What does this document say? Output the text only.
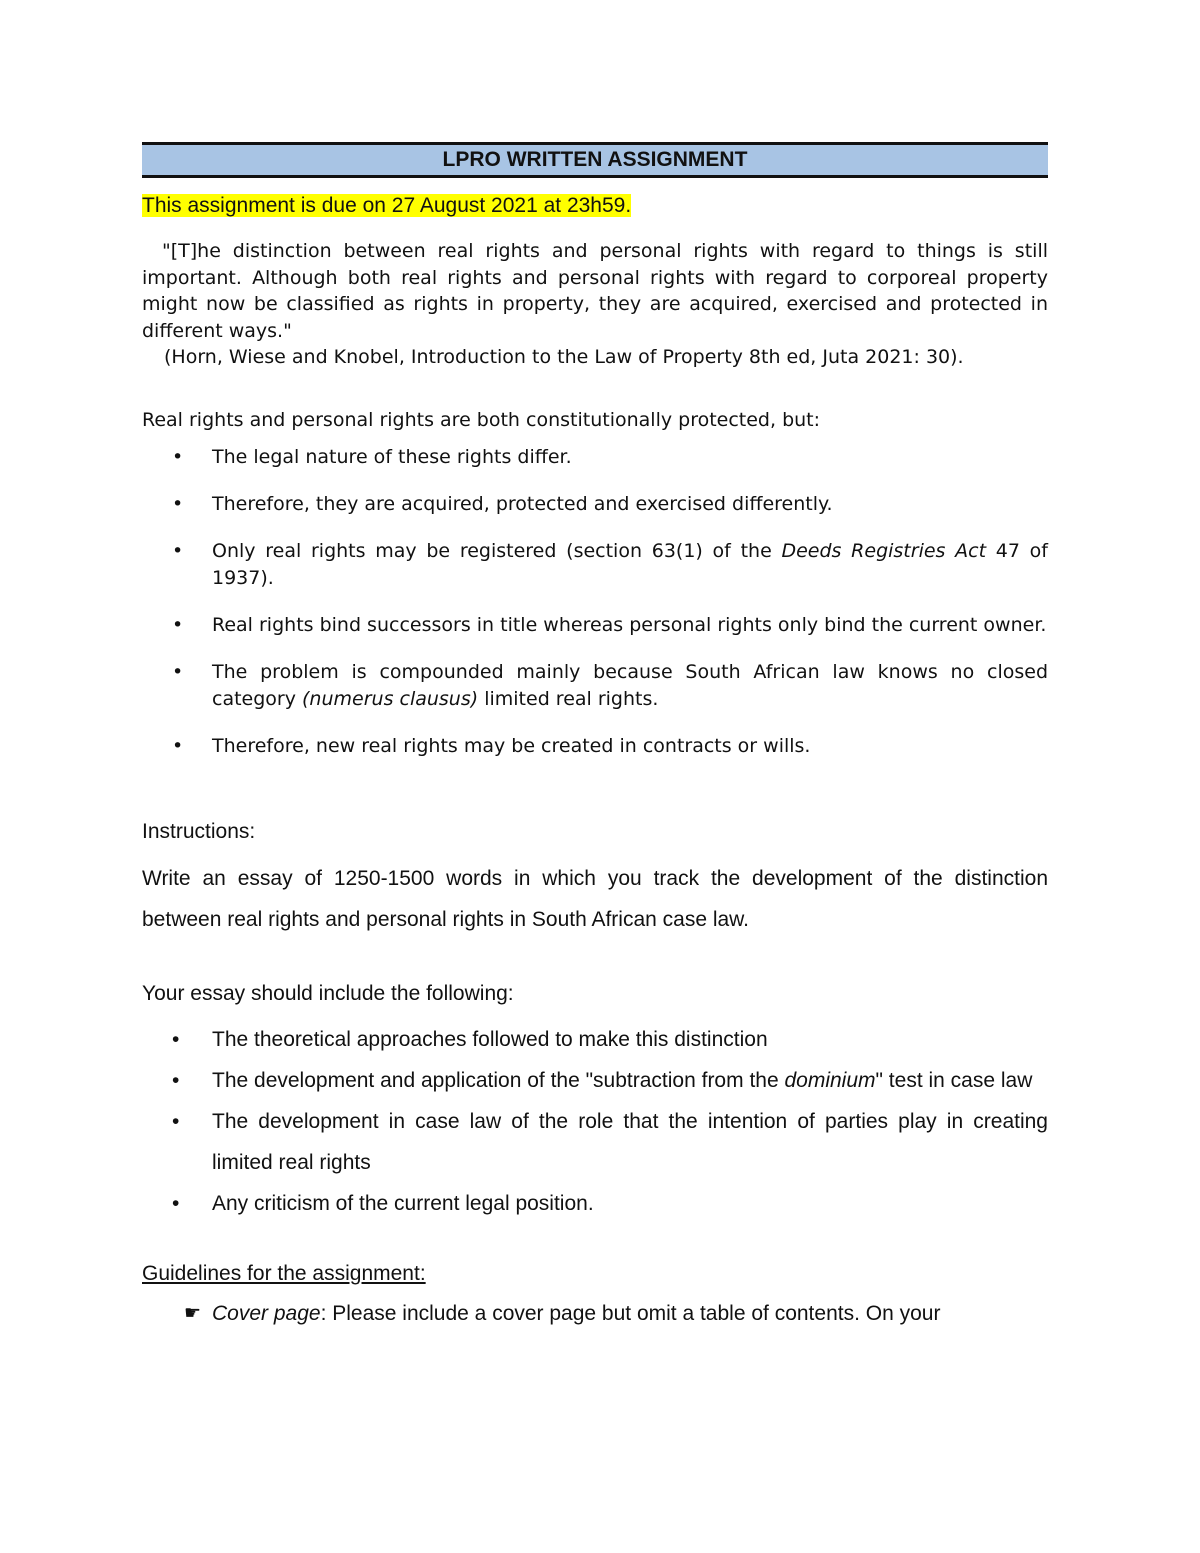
LPRO WRITTEN ASSIGNMENT
This assignment is due on 27 August 2021 at 23h59.
"[T]he distinction between real rights and personal rights with regard to things is still important. Although both real rights and personal rights with regard to corporeal property might now be classified as rights in property, they are acquired, exercised and protected in different ways."
(Horn, Wiese and Knobel, Introduction to the Law of Property 8th ed, Juta 2021: 30).
Real rights and personal rights are both constitutionally protected, but:
• The legal nature of these rights differ.
• Therefore, they are acquired, protected and exercised differently.
• Only real rights may be registered (section 63(1) of the Deeds Registries Act 47 of 1937).
• Real rights bind successors in title whereas personal rights only bind the current owner.
• The problem is compounded mainly because South African law knows no closed category (numerus clausus) limited real rights.
• Therefore, new real rights may be created in contracts or wills.
Instructions:
Write an essay of 1250-1500 words in which you track the development of the distinction between real rights and personal rights in South African case law.
Your essay should include the following:
• The theoretical approaches followed to make this distinction
• The development and application of the "subtraction from the dominium" test in case law
• The development in case law of the role that the intention of parties play in creating limited real rights
• Any criticism of the current legal position.
Guidelines for the assignment:
☛ Cover page: Please include a cover page but omit a table of contents. On your
